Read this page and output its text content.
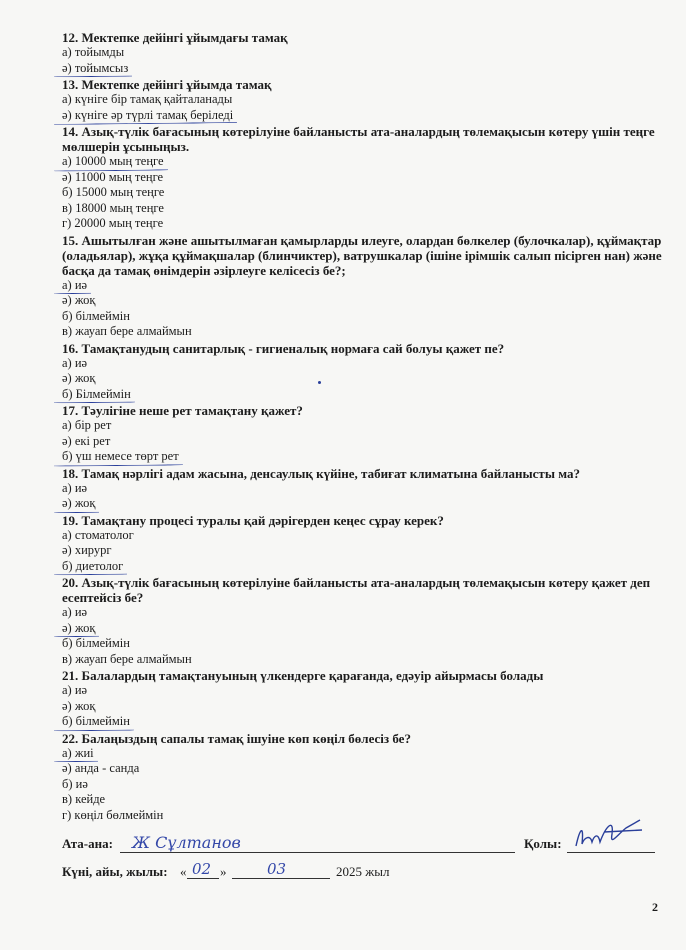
12. Мектепке дейінгі ұйымдағы тамақ
а) тойымды
ә) тойымсыз
13. Мектепке дейінгі ұйымда тамақ
а) күніге бір тамақ қайталанады
ә) күніге әр түрлі тамақ беріледі
14. Азық-түлік бағасының көтерілуіне байланысты ата-аналардың төлемақысын көтеру үшін теңге мөлшерін ұсыныңыз.
а) 10000 мың теңге
ә) 11000 мың теңге
б) 15000 мың теңге
в) 18000 мың теңге
г) 20000 мың теңге
15. Ашытылған және ашытылмаған қамырларды илеуге, олардан бөлкелер (булочкалар), құймақтар (оладьялар), жұқа құймақшалар (блинчиктер), ватрушкалар (ішіне ірімшік салып пісірген нан) және басқа да тамақ өнімдерін әзірлеуге келісесіз бе?;
а) иә
ә) жоқ
б) білмеймін
в) жауап бере алмаймын
16. Тамақтанудың санитарлық - гигиеналық нормаға сай болуы қажет пе?
а) иә
ә) жоқ
б) Білмеймін
17. Тәулігіне неше рет тамақтану қажет?
а) бір рет
ә) екі рет
б) үш немесе төрт рет
18. Тамақ нәрлігі адам жасына, денсаулық күйіне, табиғат климатына байланысты ма?
а) иә
ә) жоқ
19. Тамақтану процесі туралы қай дәрігерден кеңес сұрау керек?
а) стоматолог
ә) хирург
б) диетолог
20. Азық-түлік бағасының көтерілуіне байланысты ата-аналардың төлемақысын көтеру қажет деп есептейсіз бе?
а) иә
ә) жоқ
б) білмеймін
в) жауап бере алмаймын
21. Балалардың тамақтануының үлкендерге қарағанда, едәуір айырмасы болады
а) иә
ә) жоқ
б) білмеймін
22. Балаңыздың сапалы тамақ ішуіне көп көңіл бөлесіз бе?
а) жиі
ә) анда - санда
б) иә
в) кейде
г) көңіл бөлмеймін
Ата-ана: Ж Сұлтанов	Қолы:
Күні, айы, жылы: « 02 »	03	2025 жыл
2
